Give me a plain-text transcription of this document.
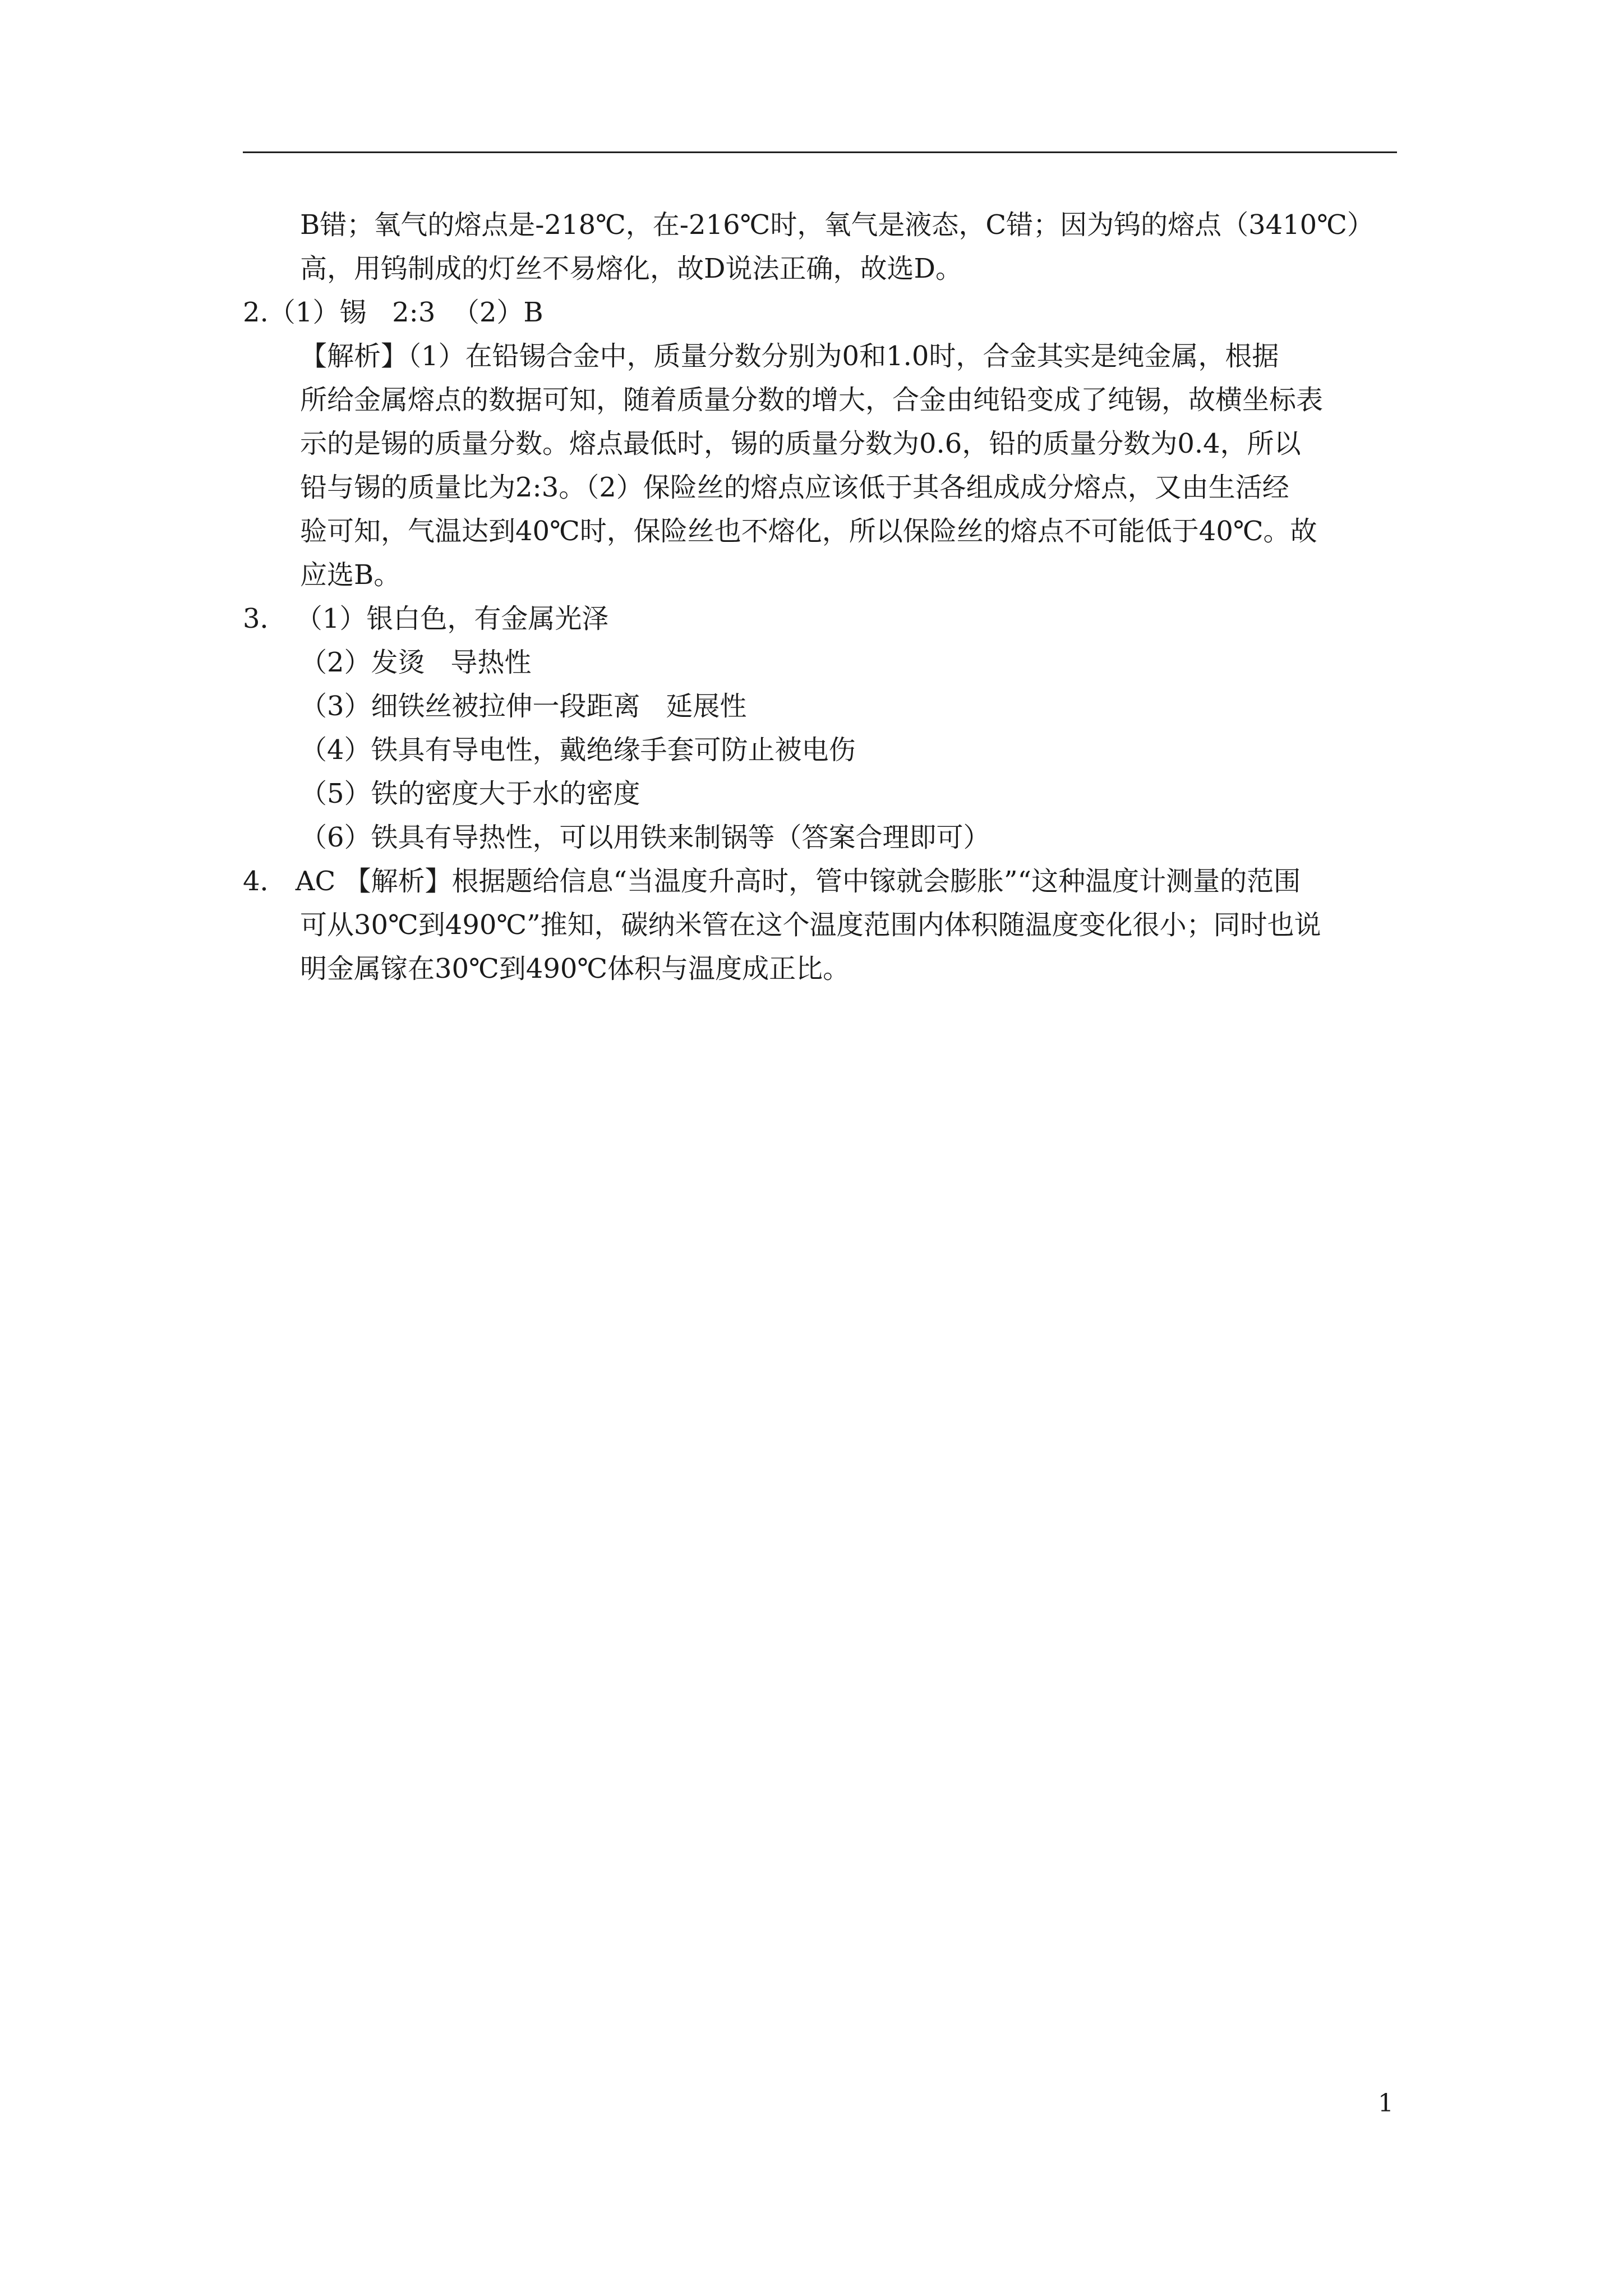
B错；氧气的熔点是-218℃，在-216℃时，氧气是液态，C错；因为钨的熔点（3410℃）

高，用钨制成的灯丝不易熔化，故D说法正确，故选D。

2.（1）锡   2:3  （2）B

【解析】（1）在铅锡合金中，质量分数分别为0和1.0时，合金其实是纯金属，根据

所给金属熔点的数据可知，随着质量分数的增大，合金由纯铅变成了纯锡，故横坐标表

示的是锡的质量分数。熔点最低时，锡的质量分数为0.6，铅的质量分数为0.4，所以

铅与锡的质量比为2:3。（2）保险丝的熔点应该低于其各组成成分熔点，又由生活经

验可知，气温达到40℃时，保险丝也不熔化，所以保险丝的熔点不可能低于40℃。故

应选B。

3． （1）银白色，有金属光泽

（2）发烫   导热性

（3）细铁丝被拉伸一段距离   延展性

（4）铁具有导电性，戴绝缘手套可防止被电伤

（5）铁的密度大于水的密度

（6）铁具有导热性，可以用铁来制锅等（答案合理即可）

4． AC 【解析】根据题给信息“当温度升高时，管中镓就会膨胀”“这种温度计测量的范围

可从30℃到490℃”推知，碳纳米管在这个温度范围内体积随温度变化很小；同时也说

明金属镓在30℃到490℃体积与温度成正比。

1
